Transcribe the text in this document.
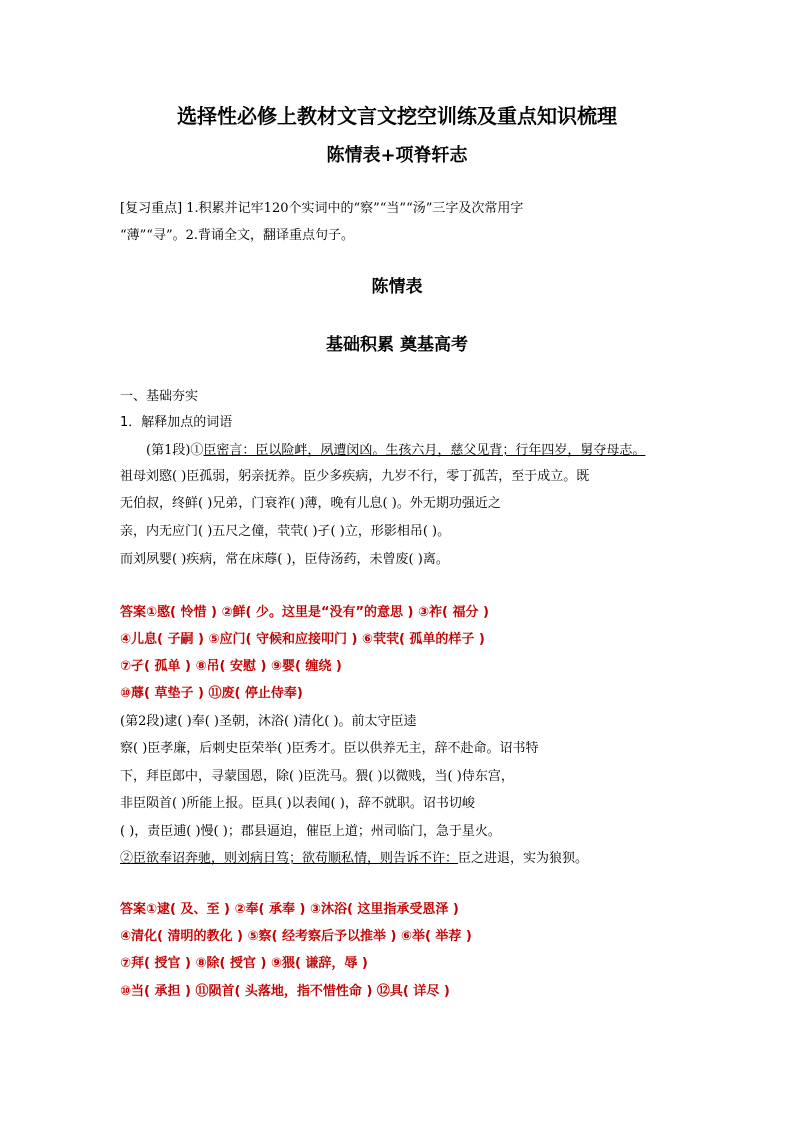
选择性必修上教材文言文挖空训练及重点知识梳理
陈情表+项脊轩志
[复习重点] 1.积累并记牢120个实词中的“察”“当”“汤”三字及次常用字
“薄”“寻”。2.背诵全文，翻译重点句子。
陈情表
基础积累 奠基高考
一、基础夯实
1．解释加点的词语
(第1段)①臣密言：臣以险衅，夙遭闵凶。生孩六月，慈父见背；行年四岁，舅夺母志。
祖母刘愍( )臣孤弱，躬亲抚养。臣少多疾病，九岁不行，零丁孤苦，至于成立。既
无伯叔，终鲜( )兄弟，门衰祚( )薄，晚有儿息( )。外无期功强近之
亲，内无应门( )五尺之僮，茕茕( )孑( )立，形影相吊( )。
而刘夙婴( )疾病，常在床蓐( )，臣侍汤药，未曾废( )离。
答案①愍( 怜惜 ) ②鲜( 少。这里是“没有”的意思 ) ③祚( 福分 )
④儿息( 子嗣 ) ⑤应门( 守候和应接叩门 ) ⑥茕茕( 孤单的样子 )
⑦孑( 孤单 ) ⑧吊( 安慰 ) ⑨婴( 缠绕 )
⑩蓐( 草垫子 ) ⑪废( 停止侍奉)
(第2段)逮( )奉( )圣朝，沐浴( )清化( )。前太守臣逵
察( )臣孝廉，后刺史臣荣举( )臣秀才。臣以供养无主，辞不赴命。诏书特
下，拜臣郎中，寻蒙国恩，除( )臣洗马。猥( )以微贱，当( )侍东宫，
非臣陨首( )所能上报。臣具( )以表闻( )，辞不就职。诏书切峻
( )，责臣逋( )慢( )；郡县逼迫，催臣上道；州司临门，急于星火。
②臣欲奉诏奔驰，则刘病日笃；欲苟顺私情，则告诉不许：臣之进退，实为狼狈。
答案①逮( 及、至 ) ②奉( 承奉 ) ③沐浴( 这里指承受恩泽 )
④清化( 清明的教化 ) ⑤察( 经考察后予以推举 ) ⑥举( 举荐 )
⑦拜( 授官 ) ⑧除( 授官 ) ⑨猥( 谦辞，辱 )
⑩当( 承担 ) ⑪陨首( 头落地，指不惜性命 ) ⑫具( 详尽 )
